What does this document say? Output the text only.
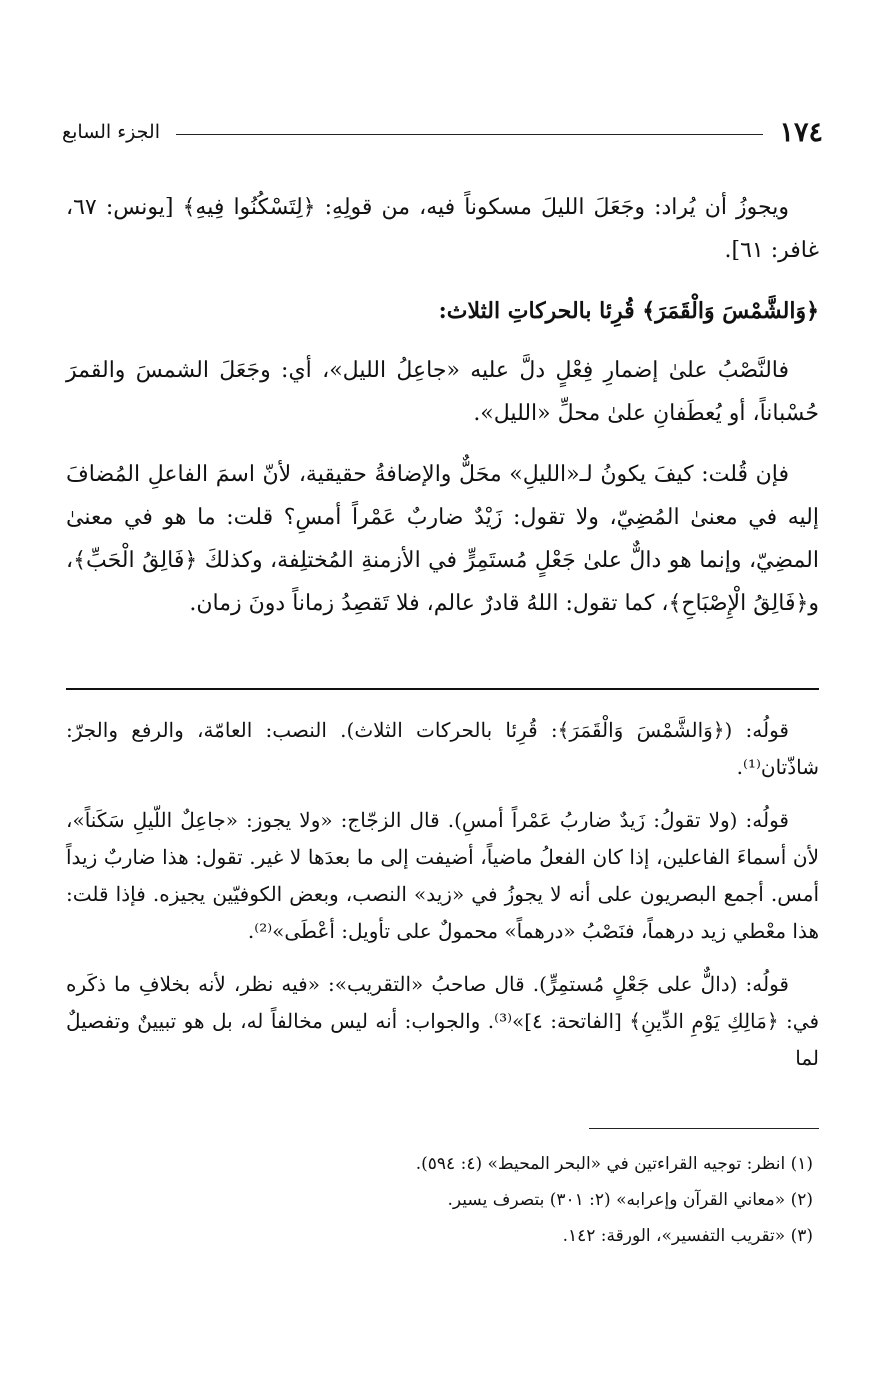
١٧٤
الجزء السابع

ويجوزُ أن يُراد: وجَعَلَ الليلَ مسكوناً فيه، من قولِهِ: ﴿لِتَسْكُنُوا فِيهِ﴾ [يونس: ٦٧، غافر: ٦١].

﴿وَالشَّمْسَ وَالْقَمَرَ﴾ قُرِئا بالحركاتِ الثلاث:

فالنَّصْبُ علىٰ إضمارِ فِعْلٍ دلَّ عليه «جاعِلُ الليل»، أي: وجَعَلَ الشمسَ والقمرَ حُسْباناً، أو يُعطَفانِ علىٰ محلِّ «الليل».

فإن قُلت: كيفَ يكونُ لـ«الليلِ» محَلٌّ والإضافةُ حقيقية، لأنّ اسمَ الفاعلِ المُضافَ إليه في معنىٰ المُضِيّ، ولا تقول: زَيْدٌ ضاربٌ عَمْراً أمسِ؟ قلت: ما هو في معنىٰ المضِيّ، وإنما هو دالٌّ علىٰ جَعْلٍ مُستَمِرٍّ في الأزمنةِ المُختلِفة، وكذلكَ ﴿فَالِقُ الْحَبِّ﴾، و﴿فَالِقُ الْإِصْبَاحِ﴾، كما تقول: اللهُ قادرٌ عالم، فلا تَقصِدُ زماناً دونَ زمان.

قولُه: (﴿وَالشَّمْسَ وَالْقَمَرَ﴾: قُرِئا بالحركات الثلاث). النصب: العامّة، والرفع والجرّ: شاذّتان⁽¹⁾.

قولُه: (ولا تقولُ: زَيدٌ ضاربُ عَمْراً أمسِ). قال الزجّاج: «ولا يجوز: «جاعِلٌ اللّيلِ سَكَناً»، لأن أسماءَ الفاعلين، إذا كان الفعلُ ماضياً، أضيفت إلى ما بعدَها لا غير. تقول: هذا ضاربٌ زيداً أمس. أجمع البصريون على أنه لا يجوزُ في «زيد» النصب، وبعض الكوفيّين يجيزه. فإذا قلت: هذا معْطي زيد درهماً، فنَصْبُ «درهماً» محمولٌ على تأويل: أعْطَى»⁽²⁾.

قولُه: (دالٌّ على جَعْلٍ مُستمِرٍّ). قال صاحبُ «التقريب»: «فيه نظر، لأنه بخلافِ ما ذكَره في: ﴿مَالِكِ يَوْمِ الدِّينِ﴾ [الفاتحة: ٤]»⁽³⁾. والجواب: أنه ليس مخالفاً له، بل هو تبيينٌ وتفصيلٌ لما

(١) انظر: توجيه القراءتين في «البحر المحيط» (٤: ٥٩٤).

(٢) «معاني القرآن وإعرابه» (٢: ٣٠١) بتصرف يسير.

(٣) «تقريب التفسير»، الورقة: ١٤٢.
